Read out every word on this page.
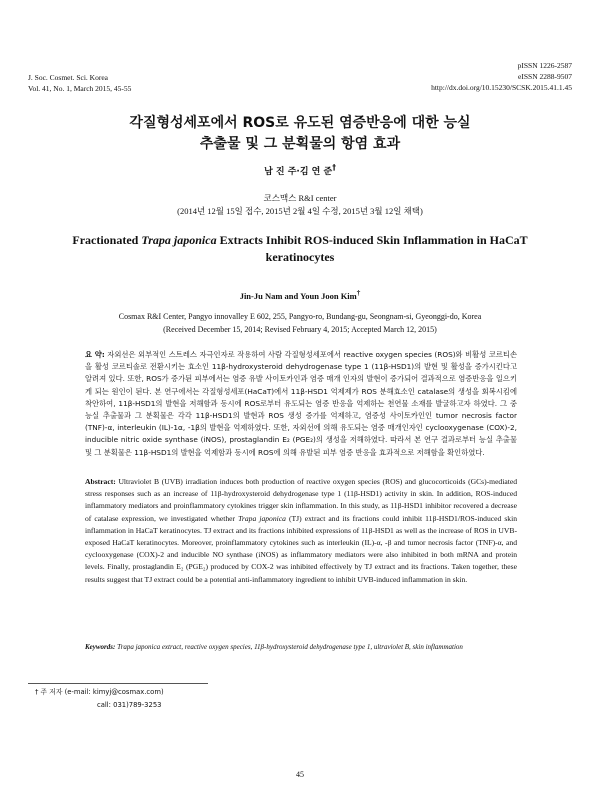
J. Soc. Cosmet. Sci. Korea
Vol. 41, No. 1, March 2015, 45-55
pISSN 1226-2587
eISSN 2288-9507
http://dx.doi.org/10.15230/SCSK.2015.41.1.45
각질형성세포에서 ROS로 유도된 염증반응에 대한 능실
추출물 및 그 분획물의 항염 효과
남 진 주·김 연 준†
코스맥스 R&I center
(2014년 12월 15일 접수, 2015년 2월 4일 수정, 2015년 3월 12일 채택)
Fractionated Trapa japonica Extracts Inhibit ROS-induced Skin Inflammation in HaCaT keratinocytes
Jin-Ju Nam and Youn Joon Kim†
Cosmax R&I Center, Pangyo innovalley E 602, 255, Pangyo-ro, Bundang-gu, Seongnam-si, Gyeonggi-do, Korea
(Received December 15, 2014; Revised February 4, 2015; Accepted March 12, 2015)
요 약: 자외선은 외부적인 스트레스 자극인자로 작용하여 사람 각질형성세포에서 reactive oxygen species (ROS)와 비활성 코르티손을 활성 코르티솔로 전환시키는 효소인 11β-hydroxysteroid dehydrogenase type 1 (11β-HSD1)의 발현 및 활성을 증가시킨다고 알려져 있다. 또한, ROS가 증가된 피부에서는 염증 유발 사이토카인과 염증 매개 인자의 발현이 증가되어 결과적으로 염증반응을 일으키게 되는 원인이 된다. 본 연구에서는 각질형성세포(HaCaT)에서 11β-HSD1 억제제가 ROS 분해효소인 catalase의 생성을 회복시킴에 착안하여, 11β-HSD1의 발현을 저해함과 동시에 ROS로부터 유도되는 염증 반응을 억제하는 천연물 소재를 발굴하고자 하였다. 그 중 능실 추출물과 그 분획물은 각각 11β-HSD1의 발현과 ROS 생성 증가를 억제하고, 염증성 사이토카인인 tumor necrosis factor (TNF)-α, interleukin (IL)-1α, -1β의 발현을 억제하였다. 또한, 자외선에 의해 유도되는 염증 매개인자인 cyclooxygenase (COX)-2, inducible nitric oxide synthase (iNOS), prostaglandin E₂ (PGE₂)의 생성을 저해하였다. 따라서 본 연구 결과로부터 능실 추출물 및 그 분획물은 11β-HSD1의 발현을 억제함과 동시에 ROS에 의해 유발된 피부 염증 반응을 효과적으로 저해함을 확인하였다.
Abstract: Ultraviolet B (UVB) irradiation induces both production of reactive oxygen species (ROS) and glucocorticoids (GCs)-mediated stress responses such as an increase of 11β-hydroxysteroid dehydrogenase type 1 (11β-HSD1) activity in skin. In addition, ROS-induced inflammatory mediators and proinflammatory cytokines trigger skin inflammation. In this study, as 11β-HSD1 inhibitor recovered a decrease of catalase expression, we investigated whether Trapa japonica (TJ) extract and its fractions could inhibit 11β-HSD1/ROS-induced skin inflammation in HaCaT keratinocytes. TJ extract and its fractions inhibited expressions of 11β-HSD1 as well as the increase of ROS in UVB-exposed HaCaT keratinocytes. Moreover, proinflammatory cytokines such as interleukin (IL)-α, -β and tumor necrosis factor (TNF)-α, and cyclooxygenase (COX)-2 and inducible NO synthase (iNOS) as inflammatory mediators were also inhibited in both mRNA and protein levels. Finally, prostaglandin E₂ (PGE₂) produced by COX-2 was inhibited effectively by TJ extract and its fractions. Taken together, these results suggest that TJ extract could be a potential anti-inflammatory ingredient to inhibit UVB-induced inflammation in skin.
Keywords: Trapa japonica extract, reactive oxygen species, 11β-hydroxysteroid dehydrogenase type 1, ultraviolet B, skin inflammation
† 주 저자 (e-mail: kimyj@cosmax.com)
call: 031)789-3253
45
